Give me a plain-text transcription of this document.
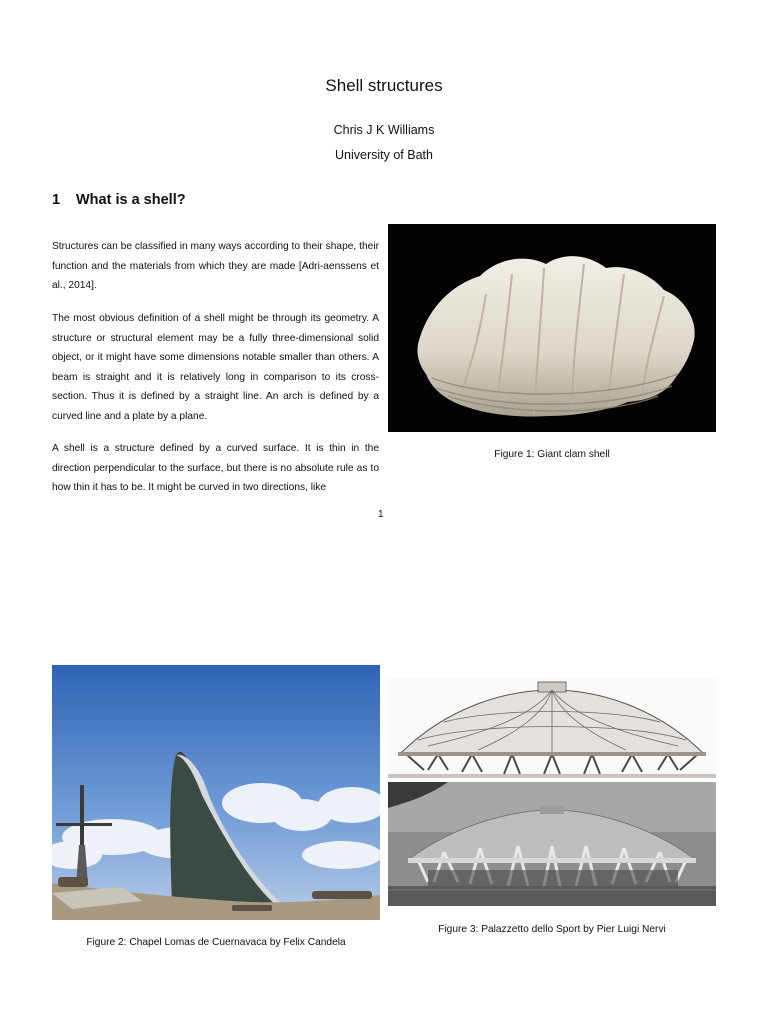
Shell structures
Chris J K Williams
University of Bath
1 What is a shell?
Structures can be classified in many ways according to their shape, their function and the materials from which they are made [Adri-aenssens et al., 2014].
The most obvious definition of a shell might be through its geometry. A structure or structural element may be a fully three-dimensional solid object, or it might have some dimensions notable smaller than others. A beam is straight and it is relatively long in comparison to its cross-section. Thus it is defined by a straight line. An arch is defined by a curved line and a plate by a plane.
A shell is a structure defined by a curved surface. It is thin in the direction perpendicular to the surface, but there is no absolute rule as to how thin it has to be. It might be curved in two directions, like
1
Figure 1: Giant clam shell
Figure 2: Chapel Lomas de Cuernavaca by Felix Candela
Figure 3: Palazzetto dello Sport by Pier Luigi Nervi
